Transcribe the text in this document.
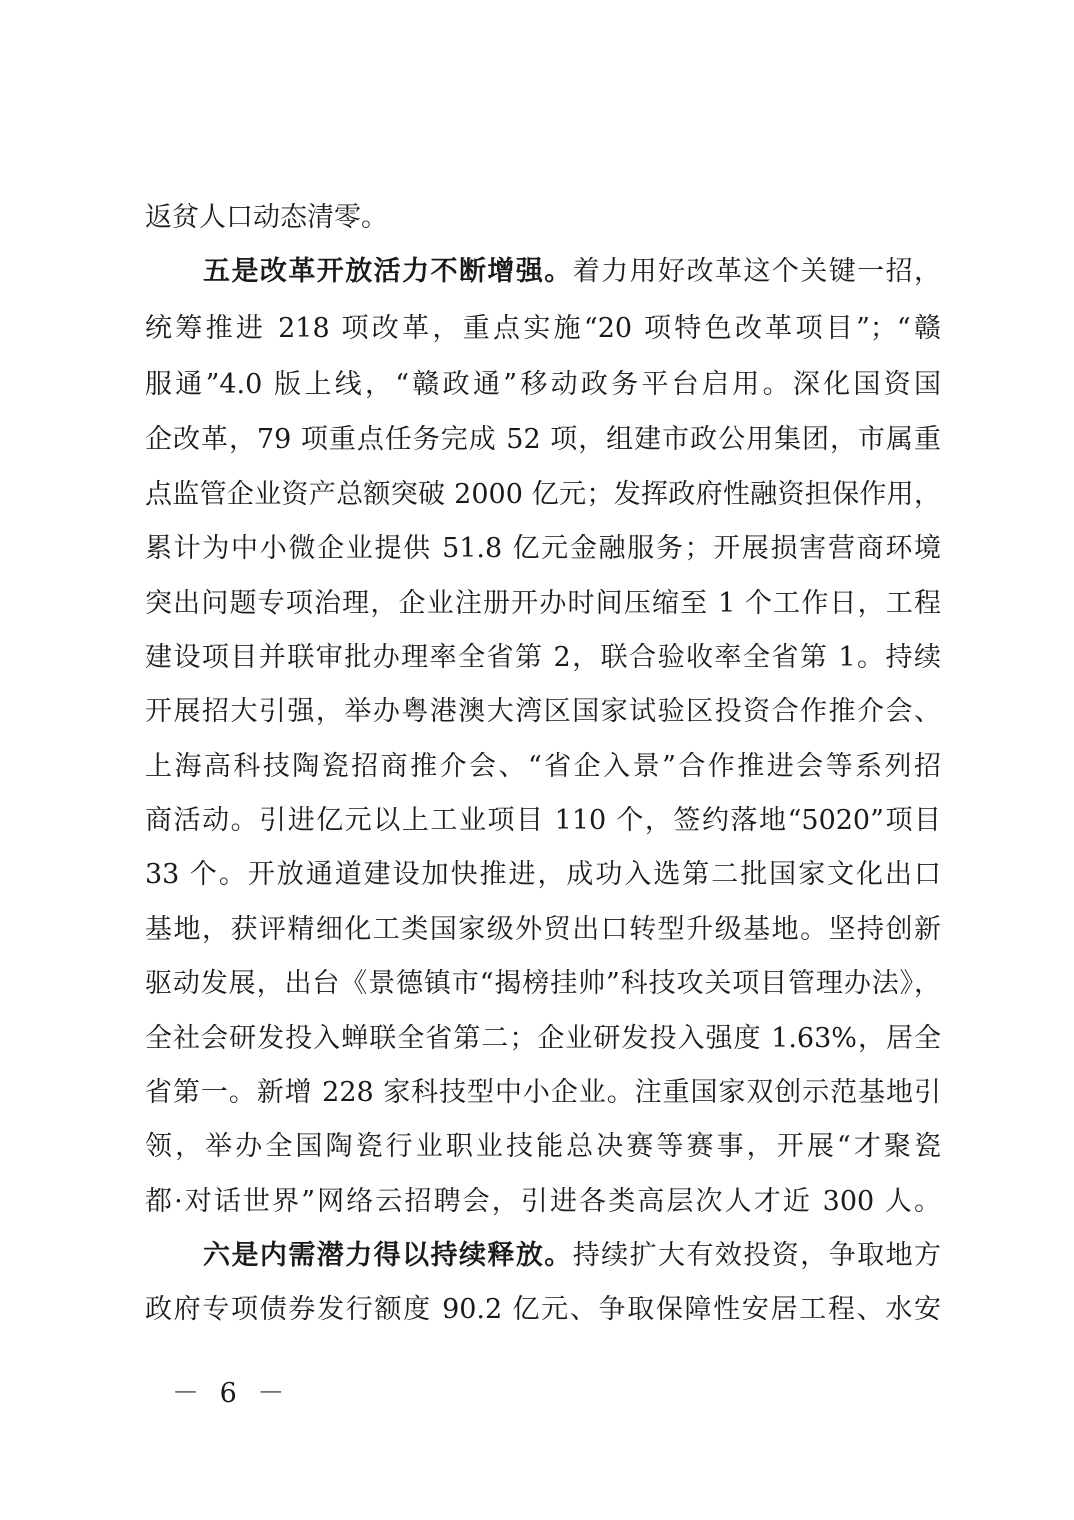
返贫人口动态清零。
五是改革开放活力不断增强。着力用好改革这个关键一招，
统筹推进 218 项改革，重点实施“20 项特色改革项目”；“赣
服通”4.0 版上线，“赣政通”移动政务平台启用。深化国资国
企改革，79 项重点任务完成 52 项，组建市政公用集团，市属重
点监管企业资产总额突破 2000 亿元；发挥政府性融资担保作用，
累计为中小微企业提供 51.8 亿元金融服务；开展损害营商环境
突出问题专项治理，企业注册开办时间压缩至 1 个工作日，工程
建设项目并联审批办理率全省第 2，联合验收率全省第 1。持续
开展招大引强，举办粤港澳大湾区国家试验区投资合作推介会、
上海高科技陶瓷招商推介会、“省企入景”合作推进会等系列招
商活动。引进亿元以上工业项目 110 个，签约落地“5020”项目
33 个。开放通道建设加快推进，成功入选第二批国家文化出口
基地，获评精细化工类国家级外贸出口转型升级基地。坚持创新
驱动发展，出台《景德镇市“揭榜挂帅”科技攻关项目管理办法》，
全社会研发投入蝉联全省第二；企业研发投入强度 1.63%，居全
省第一。新增 228 家科技型中小企业。注重国家双创示范基地引
领，举办全国陶瓷行业职业技能总决赛等赛事，开展“才聚瓷
都·对话世界”网络云招聘会，引进各类高层次人才近 300 人。
六是内需潜力得以持续释放。持续扩大有效投资，争取地方
政府专项债券发行额度 90.2 亿元、争取保障性安居工程、水安
－ 6 －
